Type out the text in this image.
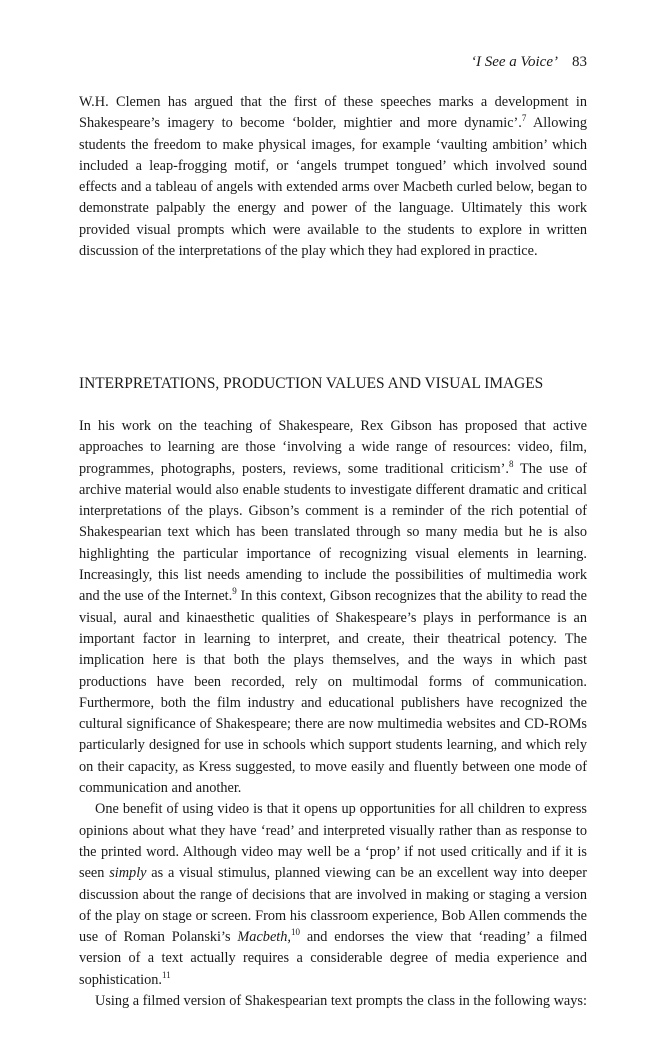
‘I See a Voice’ 83

W.H. Clemen has argued that the first of these speeches marks a development in Shakespeare’s imagery to become ‘bolder, mightier and more dynamic’.$^7$ Allowing students the freedom to make physical images, for example ‘vaulting ambition’ which included a leap-frogging motif, or ‘angels trumpet tongued’ which involved sound effects and a tableau of angels with extended arms over Macbeth curled below, began to demonstrate palpably the energy and power of the language. Ultimately this work provided visual prompts which were available to the students to explore in written discussion of the interpretations of the play which they had explored in practice.

INTERPRETATIONS, PRODUCTION VALUES AND VISUAL IMAGES

In his work on the teaching of Shakespeare, Rex Gibson has proposed that active approaches to learning are those ‘involving a wide range of resources: video, film, programmes, photographs, posters, reviews, some traditional criticism’.$^8$ The use of archive material would also enable students to investigate different dramatic and critical interpretations of the plays. Gibson’s comment is a reminder of the rich potential of Shakespearian text which has been translated through so many media but he is also highlighting the particular importance of recognizing visual elements in learning. Increasingly, this list needs amending to include the possibilities of multimedia work and the use of the Internet.$^9$ In this context, Gibson recognizes that the ability to read the visual, aural and kinaesthetic qualities of Shakespeare’s plays in performance is an important factor in learning to interpret, and create, their theatrical potency. The implication here is that both the plays themselves, and the ways in which past productions have been recorded, rely on multimodal forms of communication. Furthermore, both the film industry and educational publishers have recognized the cultural significance of Shakespeare; there are now multimedia websites and CD-ROMs particularly designed for use in schools which support students learning, and which rely on their capacity, as Kress suggested, to move easily and fluently between one mode of communication and another.

One benefit of using video is that it opens up opportunities for all children to express opinions about what they have ‘read’ and interpreted visually rather than as response to the printed word. Although video may well be a ‘prop’ if not used critically and if it is seen simply as a visual stimulus, planned viewing can be an excellent way into deeper discussion about the range of decisions that are involved in making or staging a version of the play on stage or screen. From his classroom experience, Bob Allen commends the use of Roman Polanski’s Macbeth,$^{10}$ and endorses the view that ‘reading’ a filmed version of a text actually requires a considerable degree of media experience and sophistication.$^{11}$

Using a filmed version of Shakespearian text prompts the class in the following ways:
